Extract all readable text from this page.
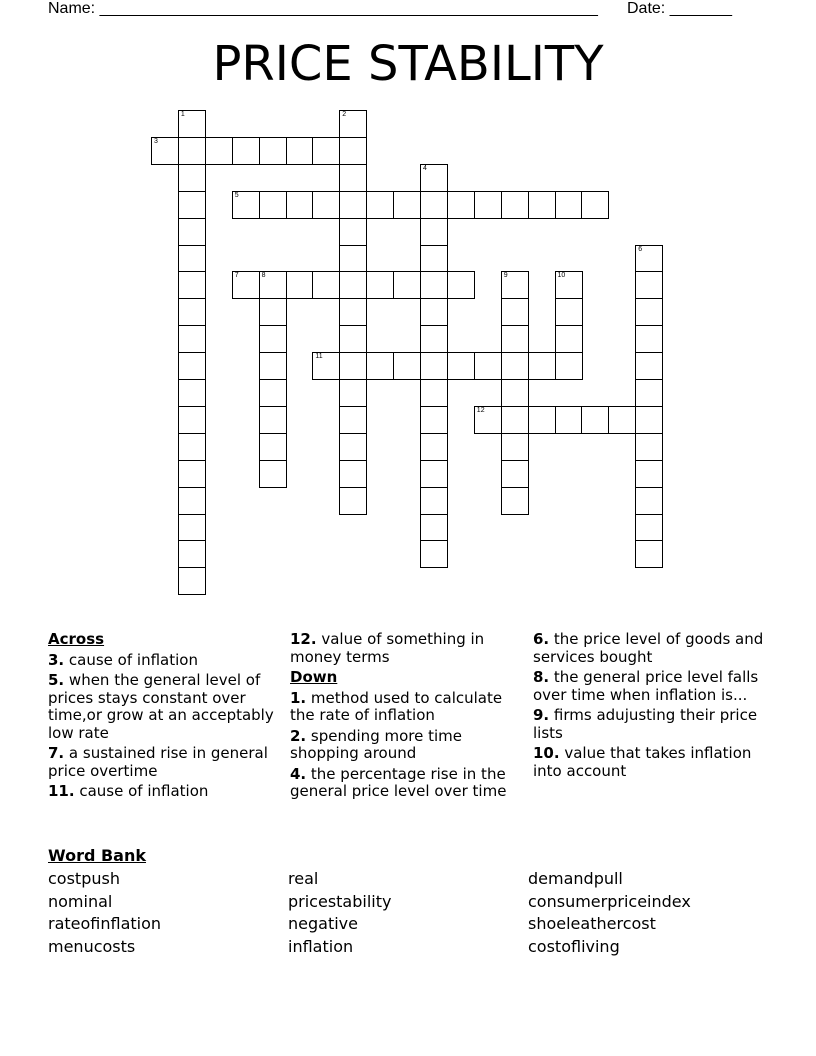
Name: ________________________________________________________ Date: _______
PRICE STABILITY
1	2
3
4
5
6
7	8	9	10
11
12
Across
3. cause of inflation
5. when the general level of prices stays constant over time,or grow at an acceptably low rate
7. a sustained rise in general price overtime
11. cause of inflation
12. value of something in money terms
Down
1. method used to calculate the rate of inflation
2. spending more time shopping around
4. the percentage rise in the general price level over time
6. the price level of goods and services bought
8. the general price level falls over time when inflation is...
9. firms adujusting their price lists
10. value that takes inflation into account
Word Bank
costpush	real	demandpull
nominal	pricestability	consumerpriceindex
rateofinflation	negative	shoeleathercost
menucosts	inflation	costofliving
